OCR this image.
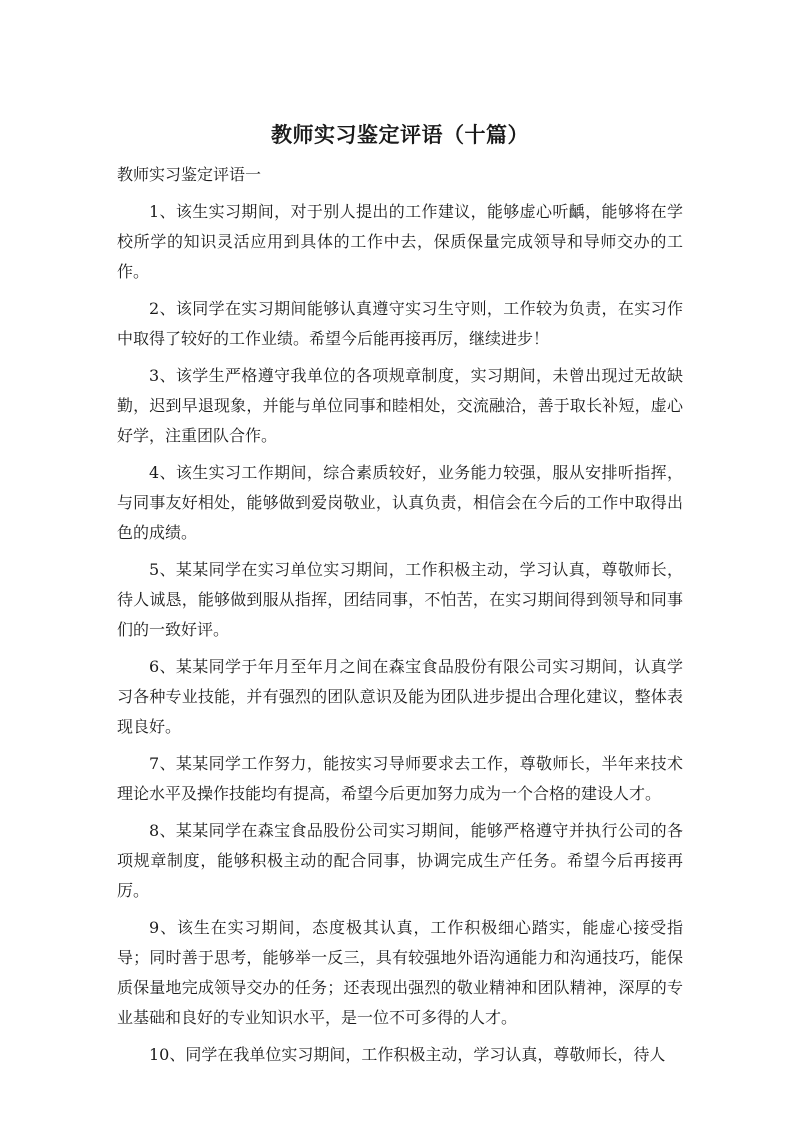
教师实习鉴定评语（十篇）

教师实习鉴定评语一

1、该生实习期间，对于别人提出的工作建议，能够虚心听齲，能够将在学校所学的知识灵活应用到具体的工作中去，保质保量完成领导和导师交办的工作。

2、该同学在实习期间能够认真遵守实习生守则，工作较为负责，在实习作中取得了较好的工作业绩。希望今后能再接再厉，继续进步！

3、该学生严格遵守我单位的各项规章制度，实习期间，未曾出现过无故缺勤，迟到早退现象，并能与单位同事和睦相处，交流融洽，善于取长补短，虚心好学，注重团队合作。

4、该生实习工作期间，综合素质较好，业务能力较强，服从安排听指挥，与同事友好相处，能够做到爱岗敬业，认真负责，相信会在今后的工作中取得出色的成绩。

5、某某同学在实习单位实习期间，工作积极主动，学习认真，尊敬师长，待人诚恳，能够做到服从指挥，团结同事，不怕苦，在实习期间得到领导和同事们的一致好评。

6、某某同学于年月至年月之间在森宝食品股份有限公司实习期间，认真学习各种专业技能，并有强烈的团队意识及能为团队进步提出合理化建议，整体表现良好。

7、某某同学工作努力，能按实习导师要求去工作，尊敬师长，半年来技术理论水平及操作技能均有提高，希望今后更加努力成为一个合格的建设人才。

8、某某同学在森宝食品股份公司实习期间，能够严格遵守并执行公司的各项规章制度，能够积极主动的配合同事，协调完成生产任务。希望今后再接再厉。

9、该生在实习期间，态度极其认真，工作积极细心踏实，能虚心接受指导；同时善于思考，能够举一反三，具有较强地外语沟通能力和沟通技巧，能保质保量地完成领导交办的任务；还表现出强烈的敬业精神和团队精神，深厚的专业基础和良好的专业知识水平，是一位不可多得的人才。

10、同学在我单位实习期间，工作积极主动，学习认真，尊敬师长，待人
